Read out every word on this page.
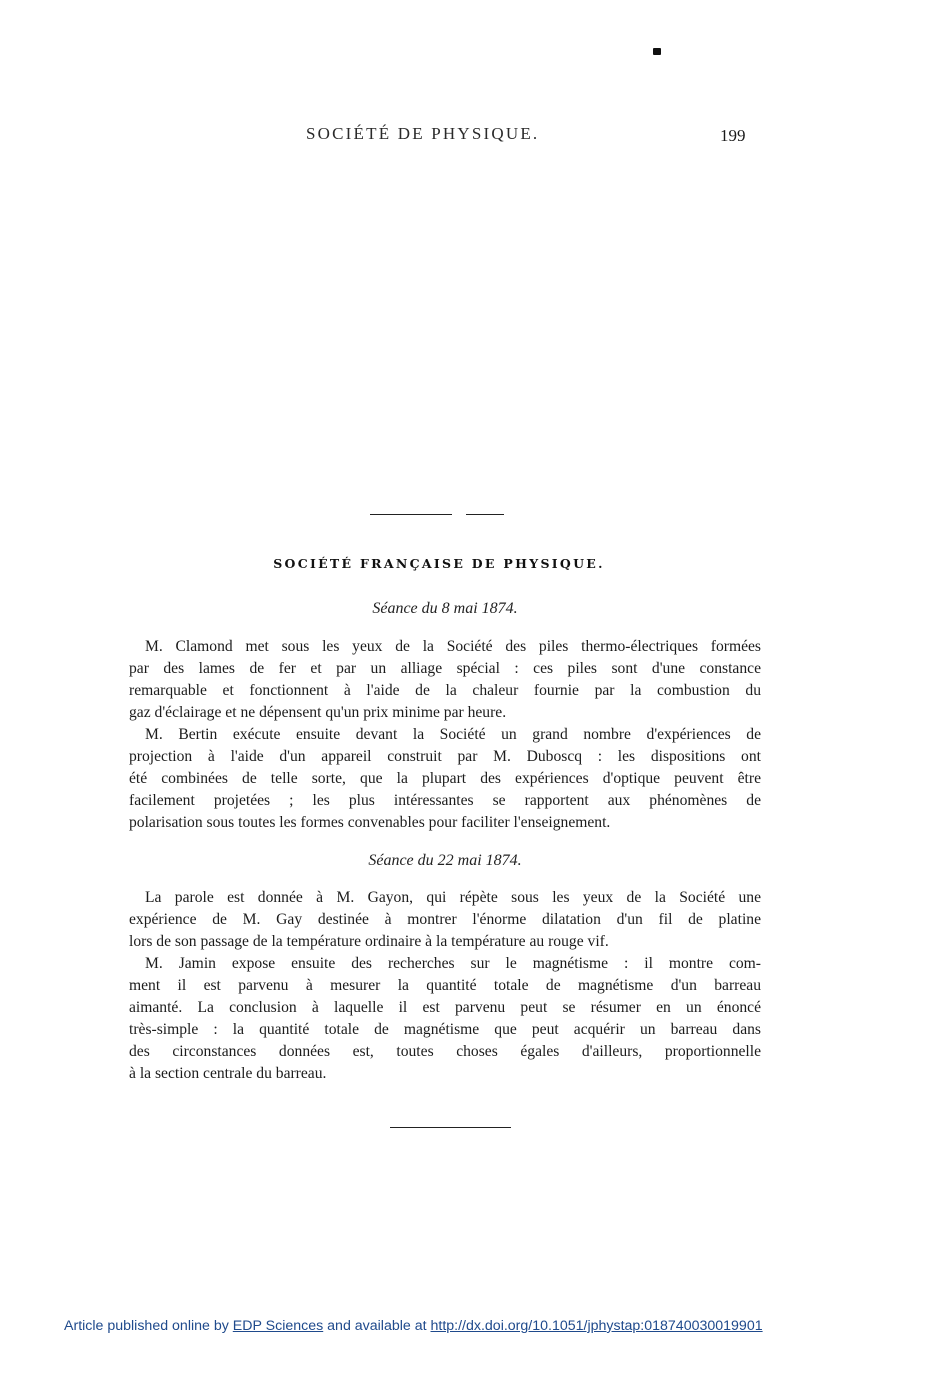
SOCIÉTÉ DE PHYSIQUE.	199
SOCIÉTÉ FRANÇAISE DE PHYSIQUE.
Séance du 8 mai 1874.
M. Clamond met sous les yeux de la Société des piles thermo-électriques formées
par des lames de fer et par un alliage spécial : ces piles sont d'une constance
remarquable et fonctionnent à l'aide de la chaleur fournie par la combustion du
gaz d'éclairage et ne dépensent qu'un prix minime par heure.
M. Bertin exécute ensuite devant la Société un grand nombre d'expériences de
projection à l'aide d'un appareil construit par M. Duboscq : les dispositions ont
été combinées de telle sorte, que la plupart des expériences d'optique peuvent être
facilement projetées ; les plus intéressantes se rapportent aux phénomènes de
polarisation sous toutes les formes convenables pour faciliter l'enseignement.
Séance du 22 mai 1874.
La parole est donnée à M. Gayon, qui répète sous les yeux de la Société une
expérience de M. Gay destinée à montrer l'énorme dilatation d'un fil de platine
lors de son passage de la température ordinaire à la température au rouge vif.
M. Jamin expose ensuite des recherches sur le magnétisme : il montre com-
ment il est parvenu à mesurer la quantité totale de magnétisme d'un barreau
aimanté. La conclusion à laquelle il est parvenu peut se résumer en un énoncé
très-simple : la quantité totale de magnétisme que peut acquérir un barreau dans
des circonstances données est, toutes choses égales d'ailleurs, proportionnelle
à la section centrale du barreau.
Article published online by EDP Sciences and available at http://dx.doi.org/10.1051/jphystap:018740030019901
